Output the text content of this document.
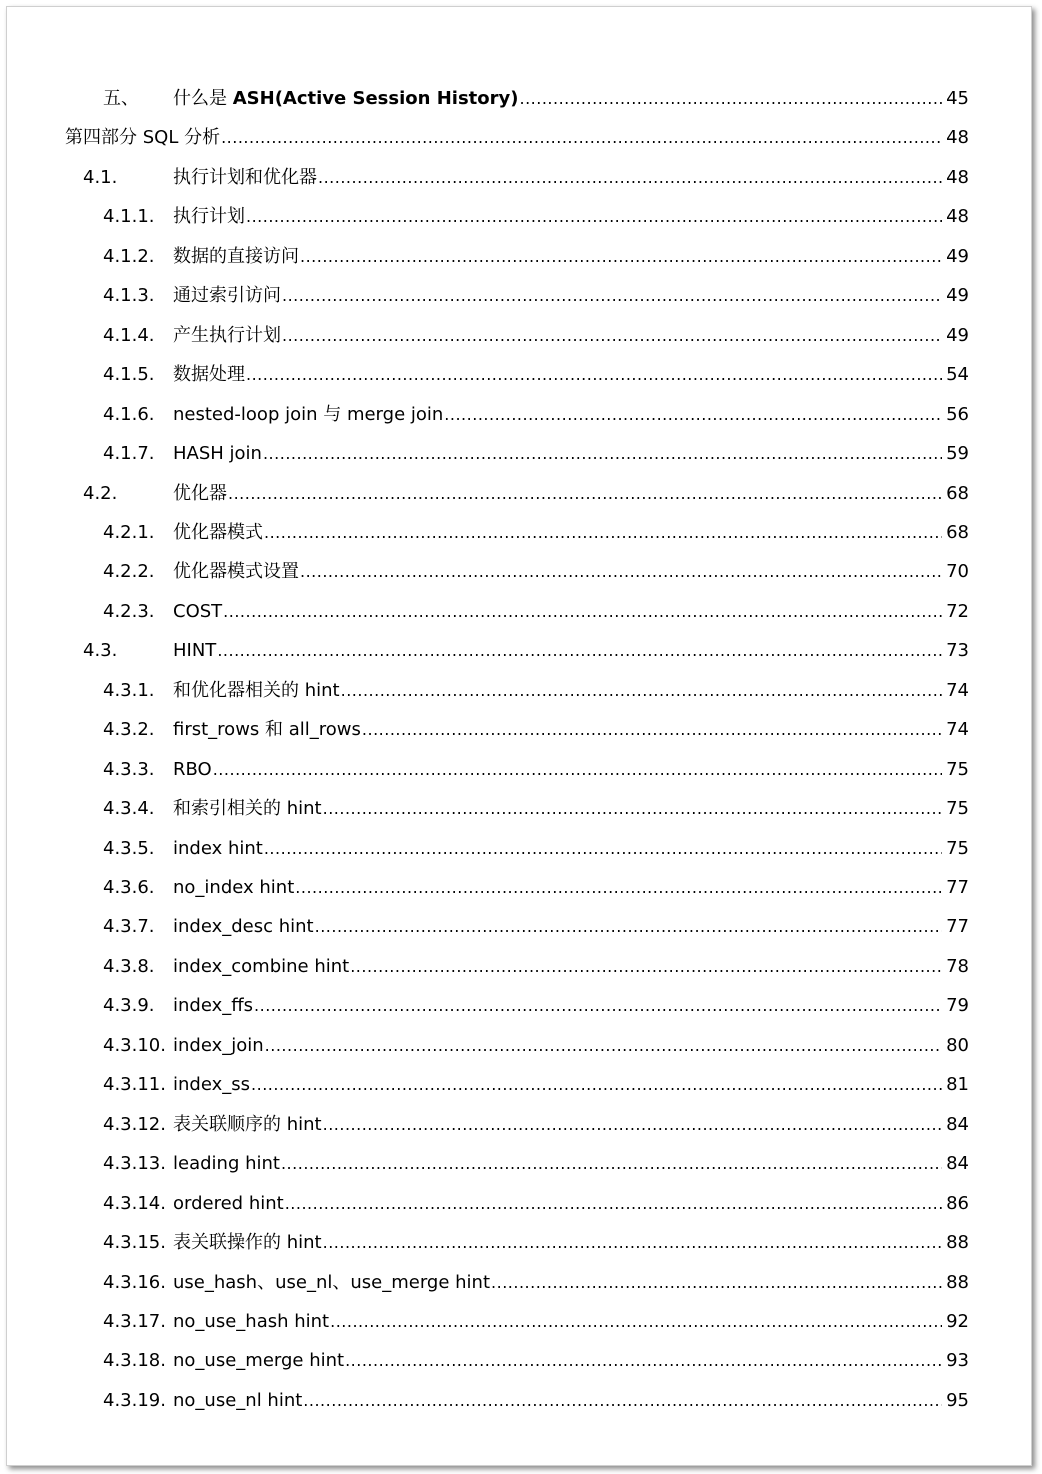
五、 什么是 ASH(Active Session History) .....	45
第四部分 SQL 分析 .....	48
4.1.	执行计划和优化器 .....	48
4.1.1. 执行计划 .....	48
4.1.2. 数据的直接访问 .....	49
4.1.3. 通过索引访问 .....	49
4.1.4. 产生执行计划 .....	49
4.1.5. 数据处理 .....	54
4.1.6. nested-loop join 与 merge join .....	56
4.1.7. HASH join .....	59
4.2.	优化器 .....	68
4.2.1. 优化器模式 .....	68
4.2.2. 优化器模式设置 .....	70
4.2.3. COST .....	72
4.3.	HINT .....	73
4.3.1. 和优化器相关的 hint .....	74
4.3.2. first_rows 和 all_rows .....	74
4.3.3. RBO .....	75
4.3.4. 和索引相关的 hint .....	75
4.3.5. index hint .....	75
4.3.6. no_index hint .....	77
4.3.7. index_desc hint .....	77
4.3.8. index_combine hint .....	78
4.3.9. index_ffs .....	79
4.3.10. index_join .....	80
4.3.11. index_ss .....	81
4.3.12. 表关联顺序的 hint .....	84
4.3.13. leading hint .....	84
4.3.14. ordered hint .....	86
4.3.15. 表关联操作的 hint .....	88
4.3.16. use_hash、use_nl、use_merge hint .....	88
4.3.17. no_use_hash hint .....	92
4.3.18. no_use_merge hint .....	93
4.3.19. no_use_nl hint .....	95
